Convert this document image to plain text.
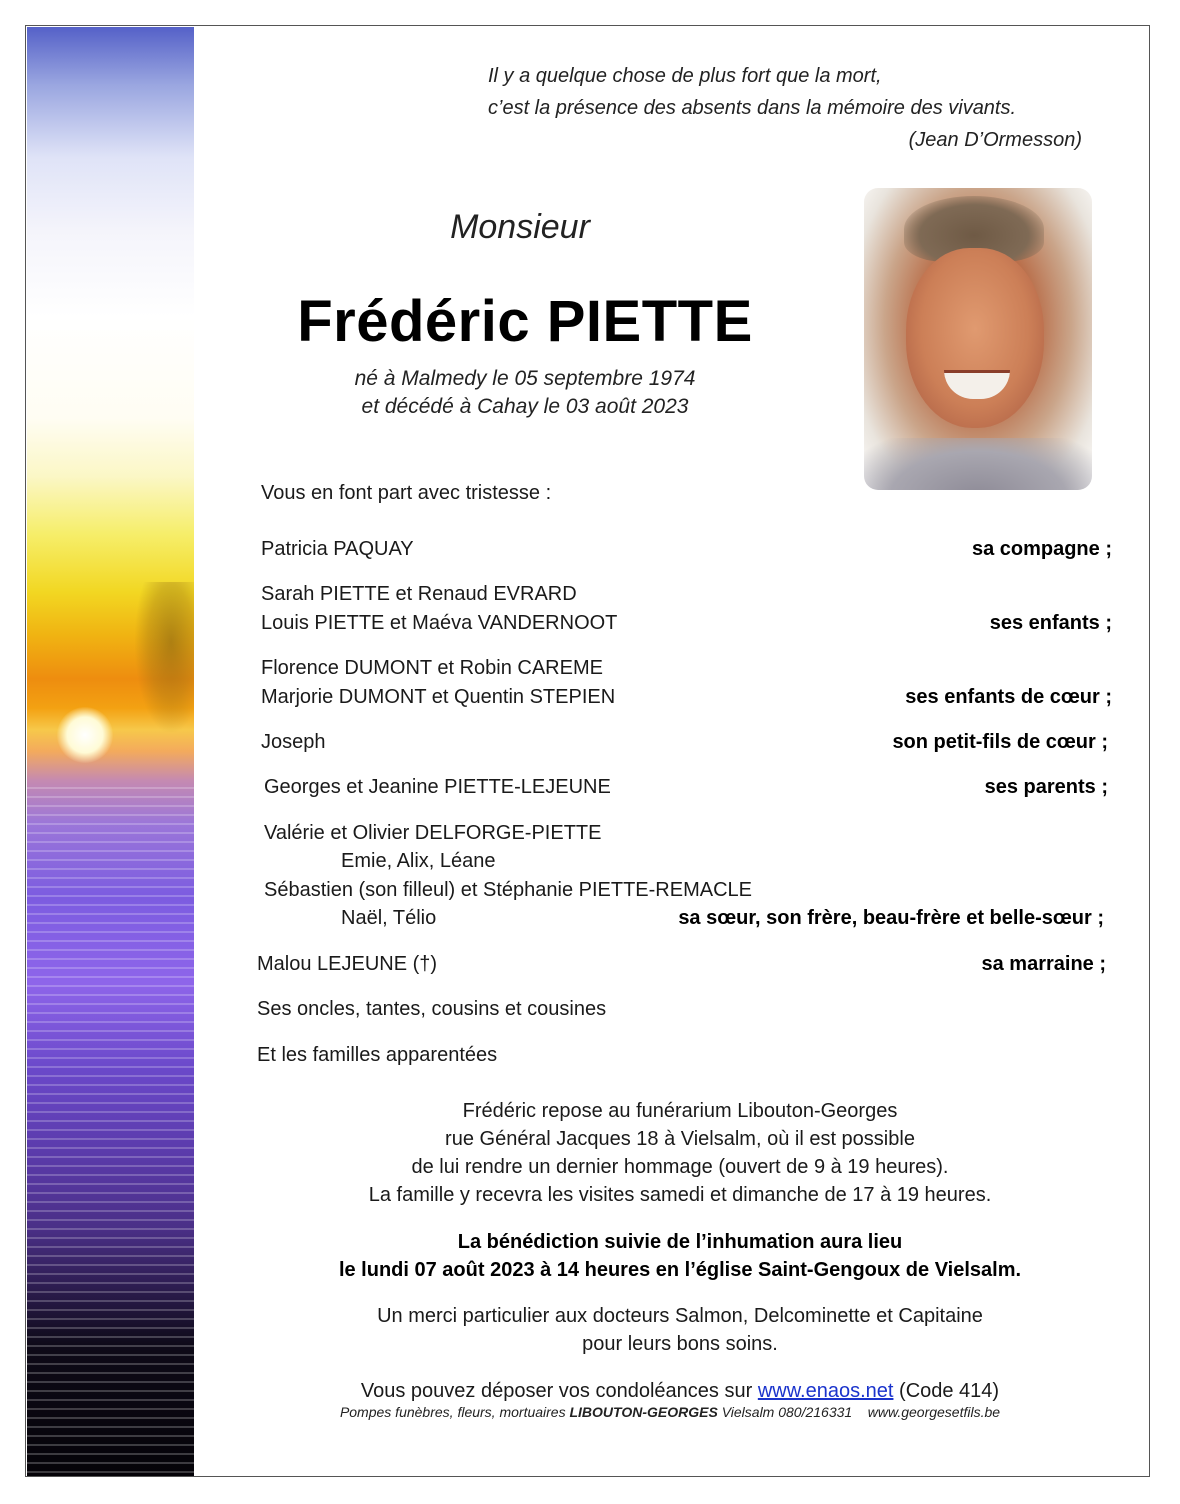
Il y a quelque chose de plus fort que la mort,
c’est la présence des absents dans la mémoire des vivants.
(Jean D’Ormesson)
Monsieur
Frédéric PIETTE
né à Malmedy le 05 septembre 1974
et décédé à Cahay le 03 août 2023
Vous en font part avec tristesse :
Patricia PAQUAY	sa compagne ;
Sarah PIETTE et Renaud EVRARD
Louis PIETTE et Maéva VANDERNOOT	ses enfants ;
Florence DUMONT et Robin CAREME
Marjorie DUMONT et Quentin STEPIEN	ses enfants de cœur ;
Joseph	son petit-fils de cœur ;
Georges et Jeanine PIETTE-LEJEUNE	ses parents ;
Valérie et Olivier DELFORGE-PIETTE
Emie, Alix, Léane
Sébastien (son filleul) et Stéphanie PIETTE-REMACLE
Naël, Télio	sa sœur, son frère, beau-frère et belle-sœur ;
Malou LEJEUNE (†)	sa marraine ;
Ses oncles, tantes, cousins et cousines
Et les familles apparentées
Frédéric repose au funérarium Libouton-Georges
rue Général Jacques 18 à Vielsalm, où il est possible
de lui rendre un dernier hommage (ouvert de 9 à 19 heures).
La famille y recevra les visites samedi et dimanche de 17 à 19 heures.
La bénédiction suivie de l’inhumation aura lieu
le lundi 07 août 2023 à 14 heures en l’église Saint-Gengoux de Vielsalm.
Un merci particulier aux docteurs Salmon, Delcominette et Capitaine
pour leurs bons soins.
Vous pouvez déposer vos condoléances sur www.enaos.net (Code 414)
Pompes funèbres, fleurs, mortuaires LIBOUTON-GEORGES Vielsalm 080/216331 www.georgesetfils.be
